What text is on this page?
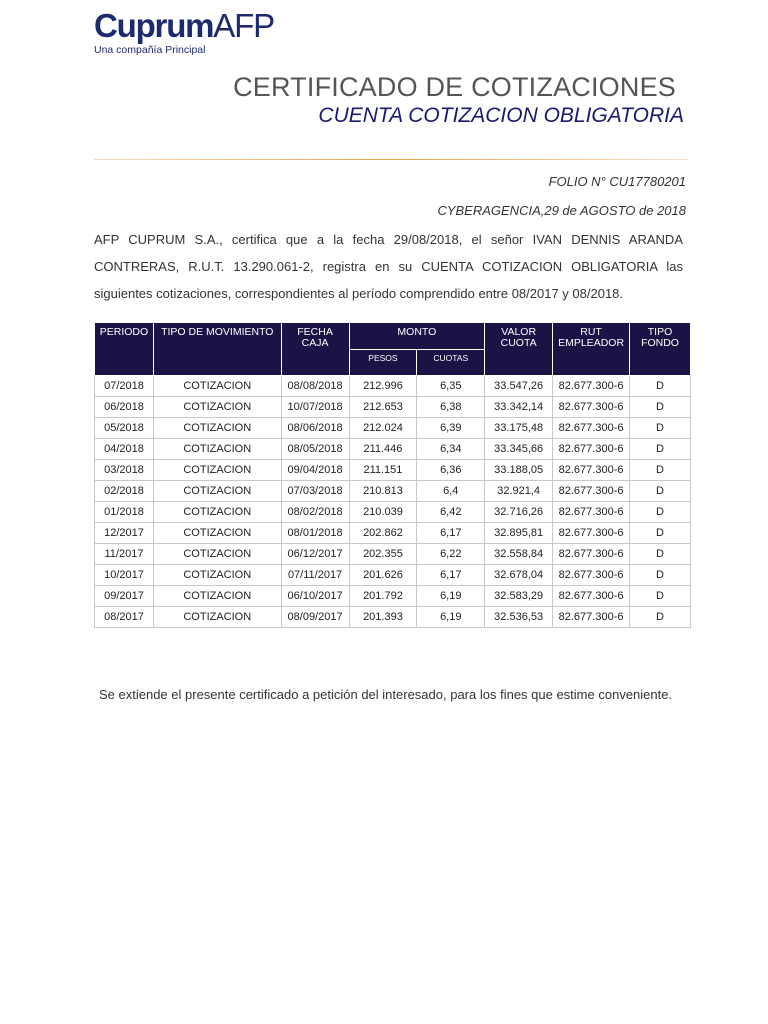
CuprumAFP
Una compañía Principal
CERTIFICADO DE COTIZACIONES
CUENTA COTIZACION OBLIGATORIA
FOLIO N° CU17780201
CYBERAGENCIA,29 de AGOSTO de 2018
AFP CUPRUM S.A., certifica que a la fecha 29/08/2018, el señor IVAN DENNIS ARANDA CONTRERAS, R.U.T. 13.290.061-2, registra en su CUENTA COTIZACION OBLIGATORIA las siguientes cotizaciones, correspondientes al período comprendido entre 08/2017 y 08/2018.
PERIODO	TIPO DE MOVIMIENTO	FECHA CAJA	MONTO		VALOR CUOTA	RUT EMPLEADOR	TIPO FONDO
			PESOS	CUOTAS			
07/2018	COTIZACION	08/08/2018	212.996	6,35	33.547,26	82.677.300-6	D
06/2018	COTIZACION	10/07/2018	212.653	6,38	33.342,14	82.677.300-6	D
05/2018	COTIZACION	08/06/2018	212.024	6,39	33.175,48	82.677.300-6	D
04/2018	COTIZACION	08/05/2018	211.446	6,34	33.345,66	82.677.300-6	D
03/2018	COTIZACION	09/04/2018	211.151	6,36	33.188,05	82.677.300-6	D
02/2018	COTIZACION	07/03/2018	210.813	6,4	32.921,4	82.677.300-6	D
01/2018	COTIZACION	08/02/2018	210.039	6,42	32.716,26	82.677.300-6	D
12/2017	COTIZACION	08/01/2018	202.862	6,17	32.895,81	82.677.300-6	D
11/2017	COTIZACION	06/12/2017	202.355	6,22	32.558,84	82.677.300-6	D
10/2017	COTIZACION	07/11/2017	201.626	6,17	32.678,04	82.677.300-6	D
09/2017	COTIZACION	06/10/2017	201.792	6,19	32.583,29	82.677.300-6	D
08/2017	COTIZACION	08/09/2017	201.393	6,19	32.536,53	82.677.300-6	D
Se extiende el presente certificado a petición del interesado, para los fines que estime conveniente.
